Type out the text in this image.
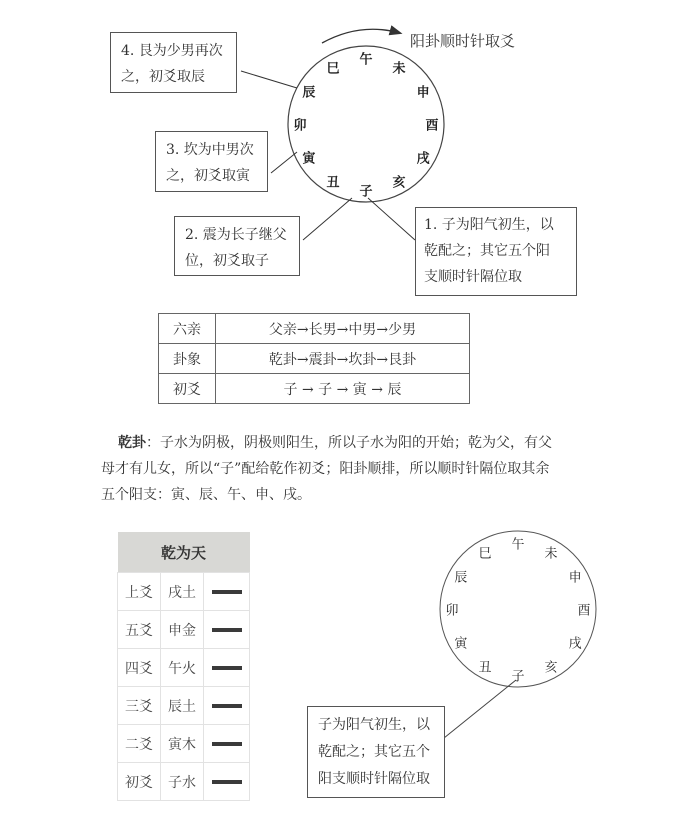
阳卦顺时针取爻
午
未
申
酉
戌
亥
子
丑
寅
卯
辰
巳
4. 艮为少男再次
之，初爻取辰
3. 坎为中男次
之，初爻取寅
2. 震为长子继父
位，初爻取子
1. 子为阳气初生，以
乾配之；其它五个阳
支顺时针隔位取
六亲	父亲→长男→中男→少男
卦象	乾卦→震卦→坎卦→艮卦
初爻	子 → 子 → 寅 → 辰
乾卦：子水为阴极，阴极则阳生，所以子水为阳的开始；乾为父，有父
母才有儿女，所以“子”配给乾作初爻；阳卦顺排，所以顺时针隔位取其余
五个阳支：寅、辰、午、申、戌。
乾为天		
上爻	戌土	
五爻	申金	
四爻	午火	
三爻	辰土	
二爻	寅木	
初爻	子水	
午
未
申
酉
戌
亥
子
丑
寅
卯
辰
巳
子为阳气初生，以
乾配之；其它五个
阳支顺时针隔位取
